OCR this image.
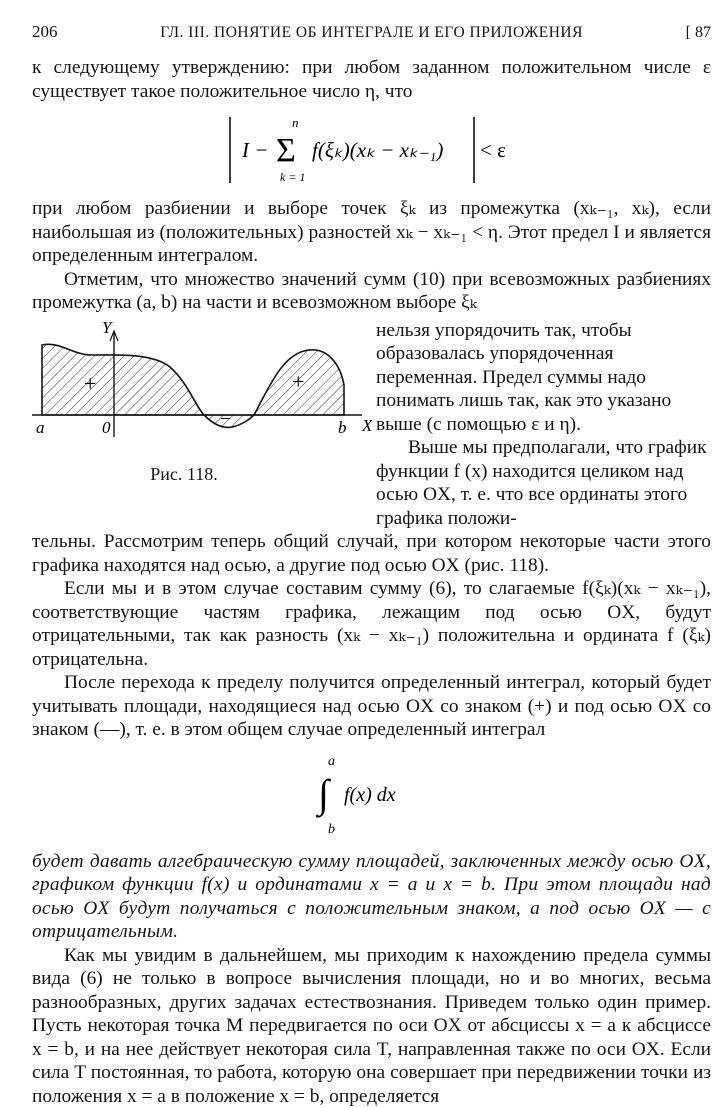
206	ГЛ. III. ПОНЯТИЕ ОБ ИНТЕГРАЛЕ И ЕГО ПРИЛОЖЕНИЯ	[ 87

к следующему утверждению: при любом заданном положительном числе ε существует такое положительное число η, что

I −
n
Σ
k = 1
f(ξₖ)(xₖ − xₖ₋₁) < ε

при любом разбиении и выборе точек ξₖ из промежутка (xₖ₋₁, xₖ), если наибольшая из (положительных) разностей xₖ − xₖ₋₁ < η. Этот предел I и является определенным интегралом.

Отметим, что множество значений сумм (10) при всевозможных разбиениях промежутка (a, b) на части и всевозможном выборе ξₖ

Y
X
a	b
0
+	+
−
Рис. 118.

нельзя упорядочить так, чтобы образовалась упорядоченная переменная. Предел суммы надо понимать лишь так, как это указано выше (с помощью ε и η).

Выше мы предполагали, что график функции f (x) находится целиком над осью OX, т. е. что все ординаты этого графика положи-

тельны. Рассмотрим теперь общий случай, при котором некоторые части этого графика находятся над осью, а другие под осью OX (рис. 118).

Если мы и в этом случае составим сумму (6), то слагаемые f(ξₖ)(xₖ − xₖ₋₁), соответствующие частям графика, лежащим под осью OX, будут отрицательными, так как разность (xₖ − xₖ₋₁) положительна и ордината f (ξₖ) отрицательна.

После перехода к пределу получится определенный интеграл, который будет учитывать площади, находящиеся над осью OX со знаком (+) и под осью OX со знаком (—), т. е. в этом общем случае определенный интеграл

a
∫
b
f(x) dx

будет давать алгебраическую сумму площадей, заключенных между осью OX, графиком функции f(x) и ординатами x = a и x = b. При этом площади над осью OX будут получаться с положительным знаком, а под осью OX — с отрицательным.

Как мы увидим в дальнейшем, мы приходим к нахождению предела суммы вида (6) не только в вопросе вычисления площади, но и во многих, весьма разнообразных, других задачах естествознания. Приведем только один пример. Пусть некоторая точка M передвигается по оси OX от абсциссы x = a к абсциссе x = b, и на нее действует некоторая сила T, направленная также по оси OX. Если сила T постоянная, то работа, которую она совершает при передвижении точки из положения x = a в положение x = b, определяется
